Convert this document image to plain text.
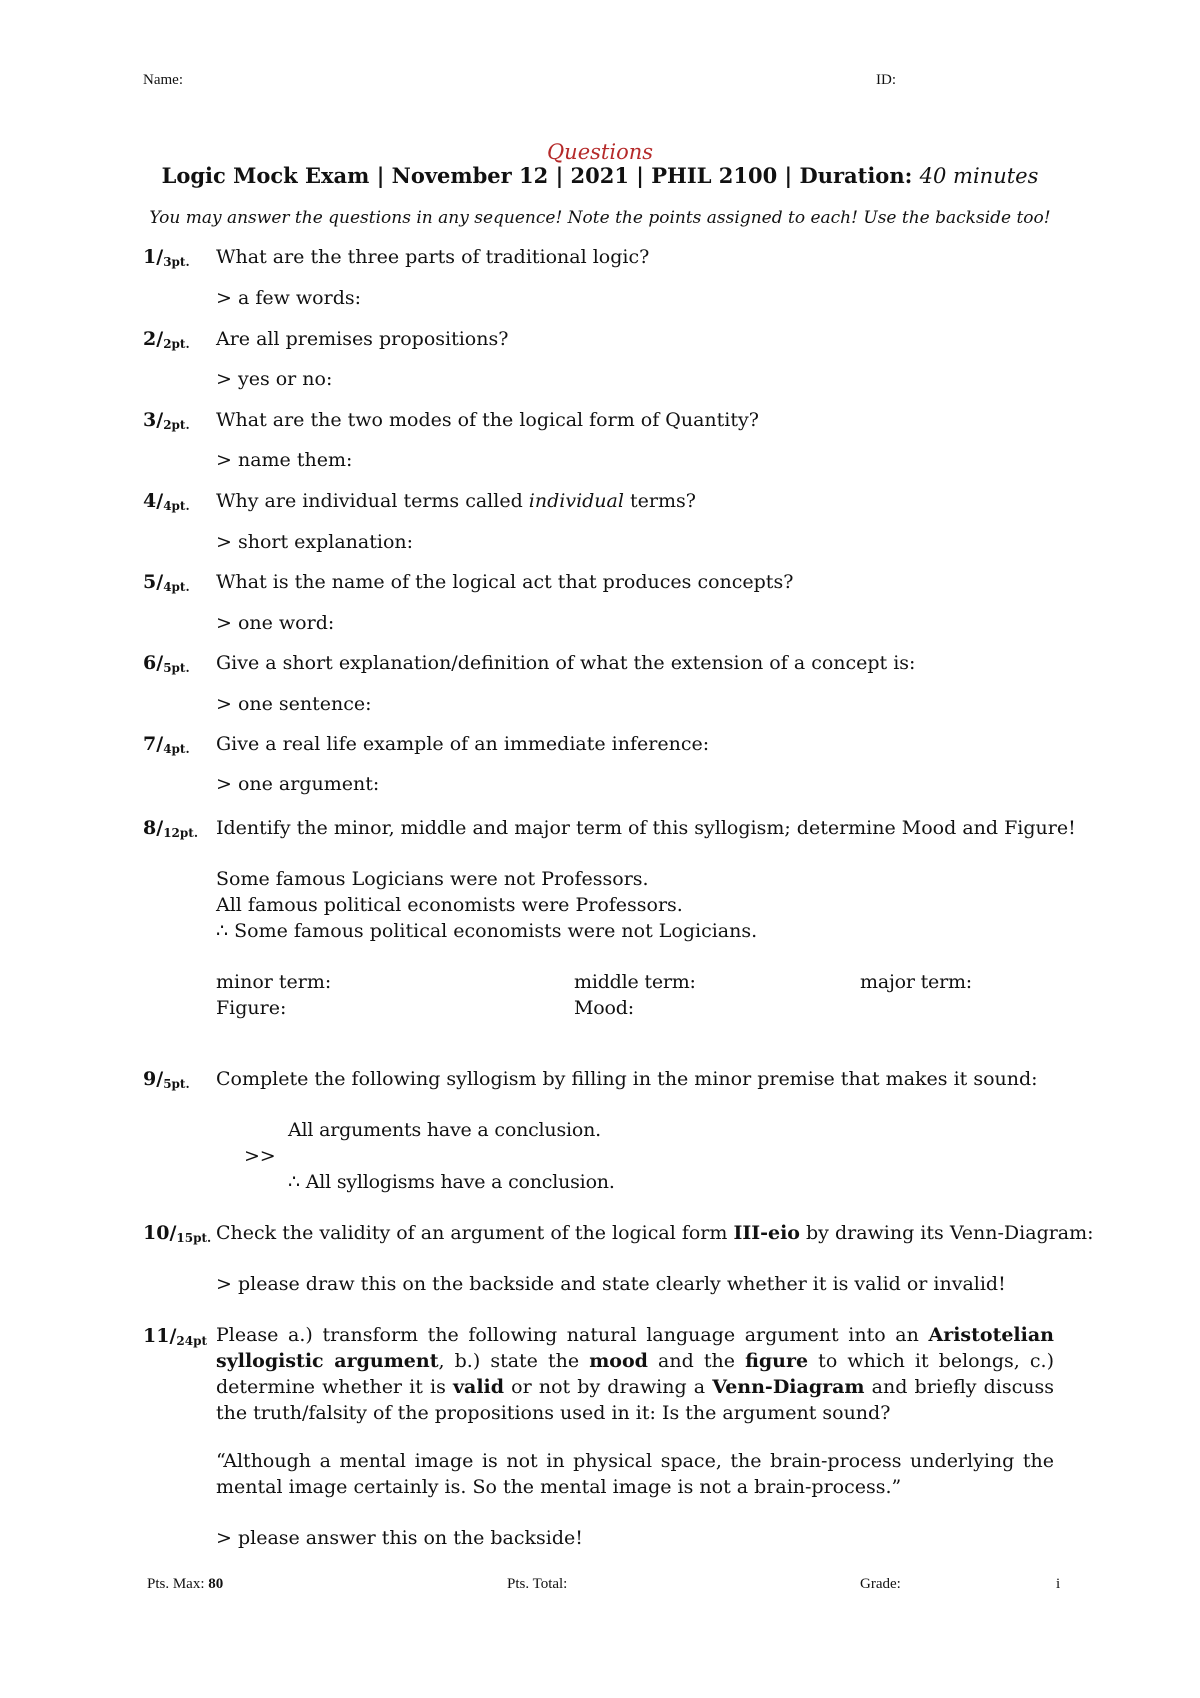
Name:	ID:
Questions
Logic Mock Exam | November 12 | 2021 | PHIL 2100 | Duration: 40 minutes
You may answer the questions in any sequence! Note the points assigned to each! Use the backside too!
1/3pt. What are the three parts of traditional logic?
> a few words:
2/2pt. Are all premises propositions?
> yes or no:
3/2pt. What are the two modes of the logical form of Quantity?
> name them:
4/4pt. Why are individual terms called individual terms?
> short explanation:
5/4pt. What is the name of the logical act that produces concepts?
> one word:
6/5pt. Give a short explanation/definition of what the extension of a concept is:
> one sentence:
7/4pt. Give a real life example of an immediate inference:
> one argument:
8/12pt. Identify the minor, middle and major term of this syllogism; determine Mood and Figure!
Some famous Logicians were not Professors.
All famous political economists were Professors.
∴ Some famous political economists were not Logicians.
minor term:	middle term:	major term:
Figure:	Mood:
9/5pt. Complete the following syllogism by filling in the minor premise that makes it sound:
All arguments have a conclusion.
>>
∴ All syllogisms have a conclusion.
10/15pt. Check the validity of an argument of the logical form III-eio by drawing its Venn-Diagram:
> please draw this on the backside and state clearly whether it is valid or invalid!
11/24pt Please a.) transform the following natural language argument into an Aristotelian syllogistic argument, b.) state the mood and the figure to which it belongs, c.) determine whether it is valid or not by drawing a Venn-Diagram and briefly discuss the truth/falsity of the propositions used in it: Is the argument sound?
“Although a mental image is not in physical space, the brain-process underlying the mental image certainly is. So the mental image is not a brain-process.”
> please answer this on the backside!
Pts. Max: 80	Pts. Total:	Grade:	i
